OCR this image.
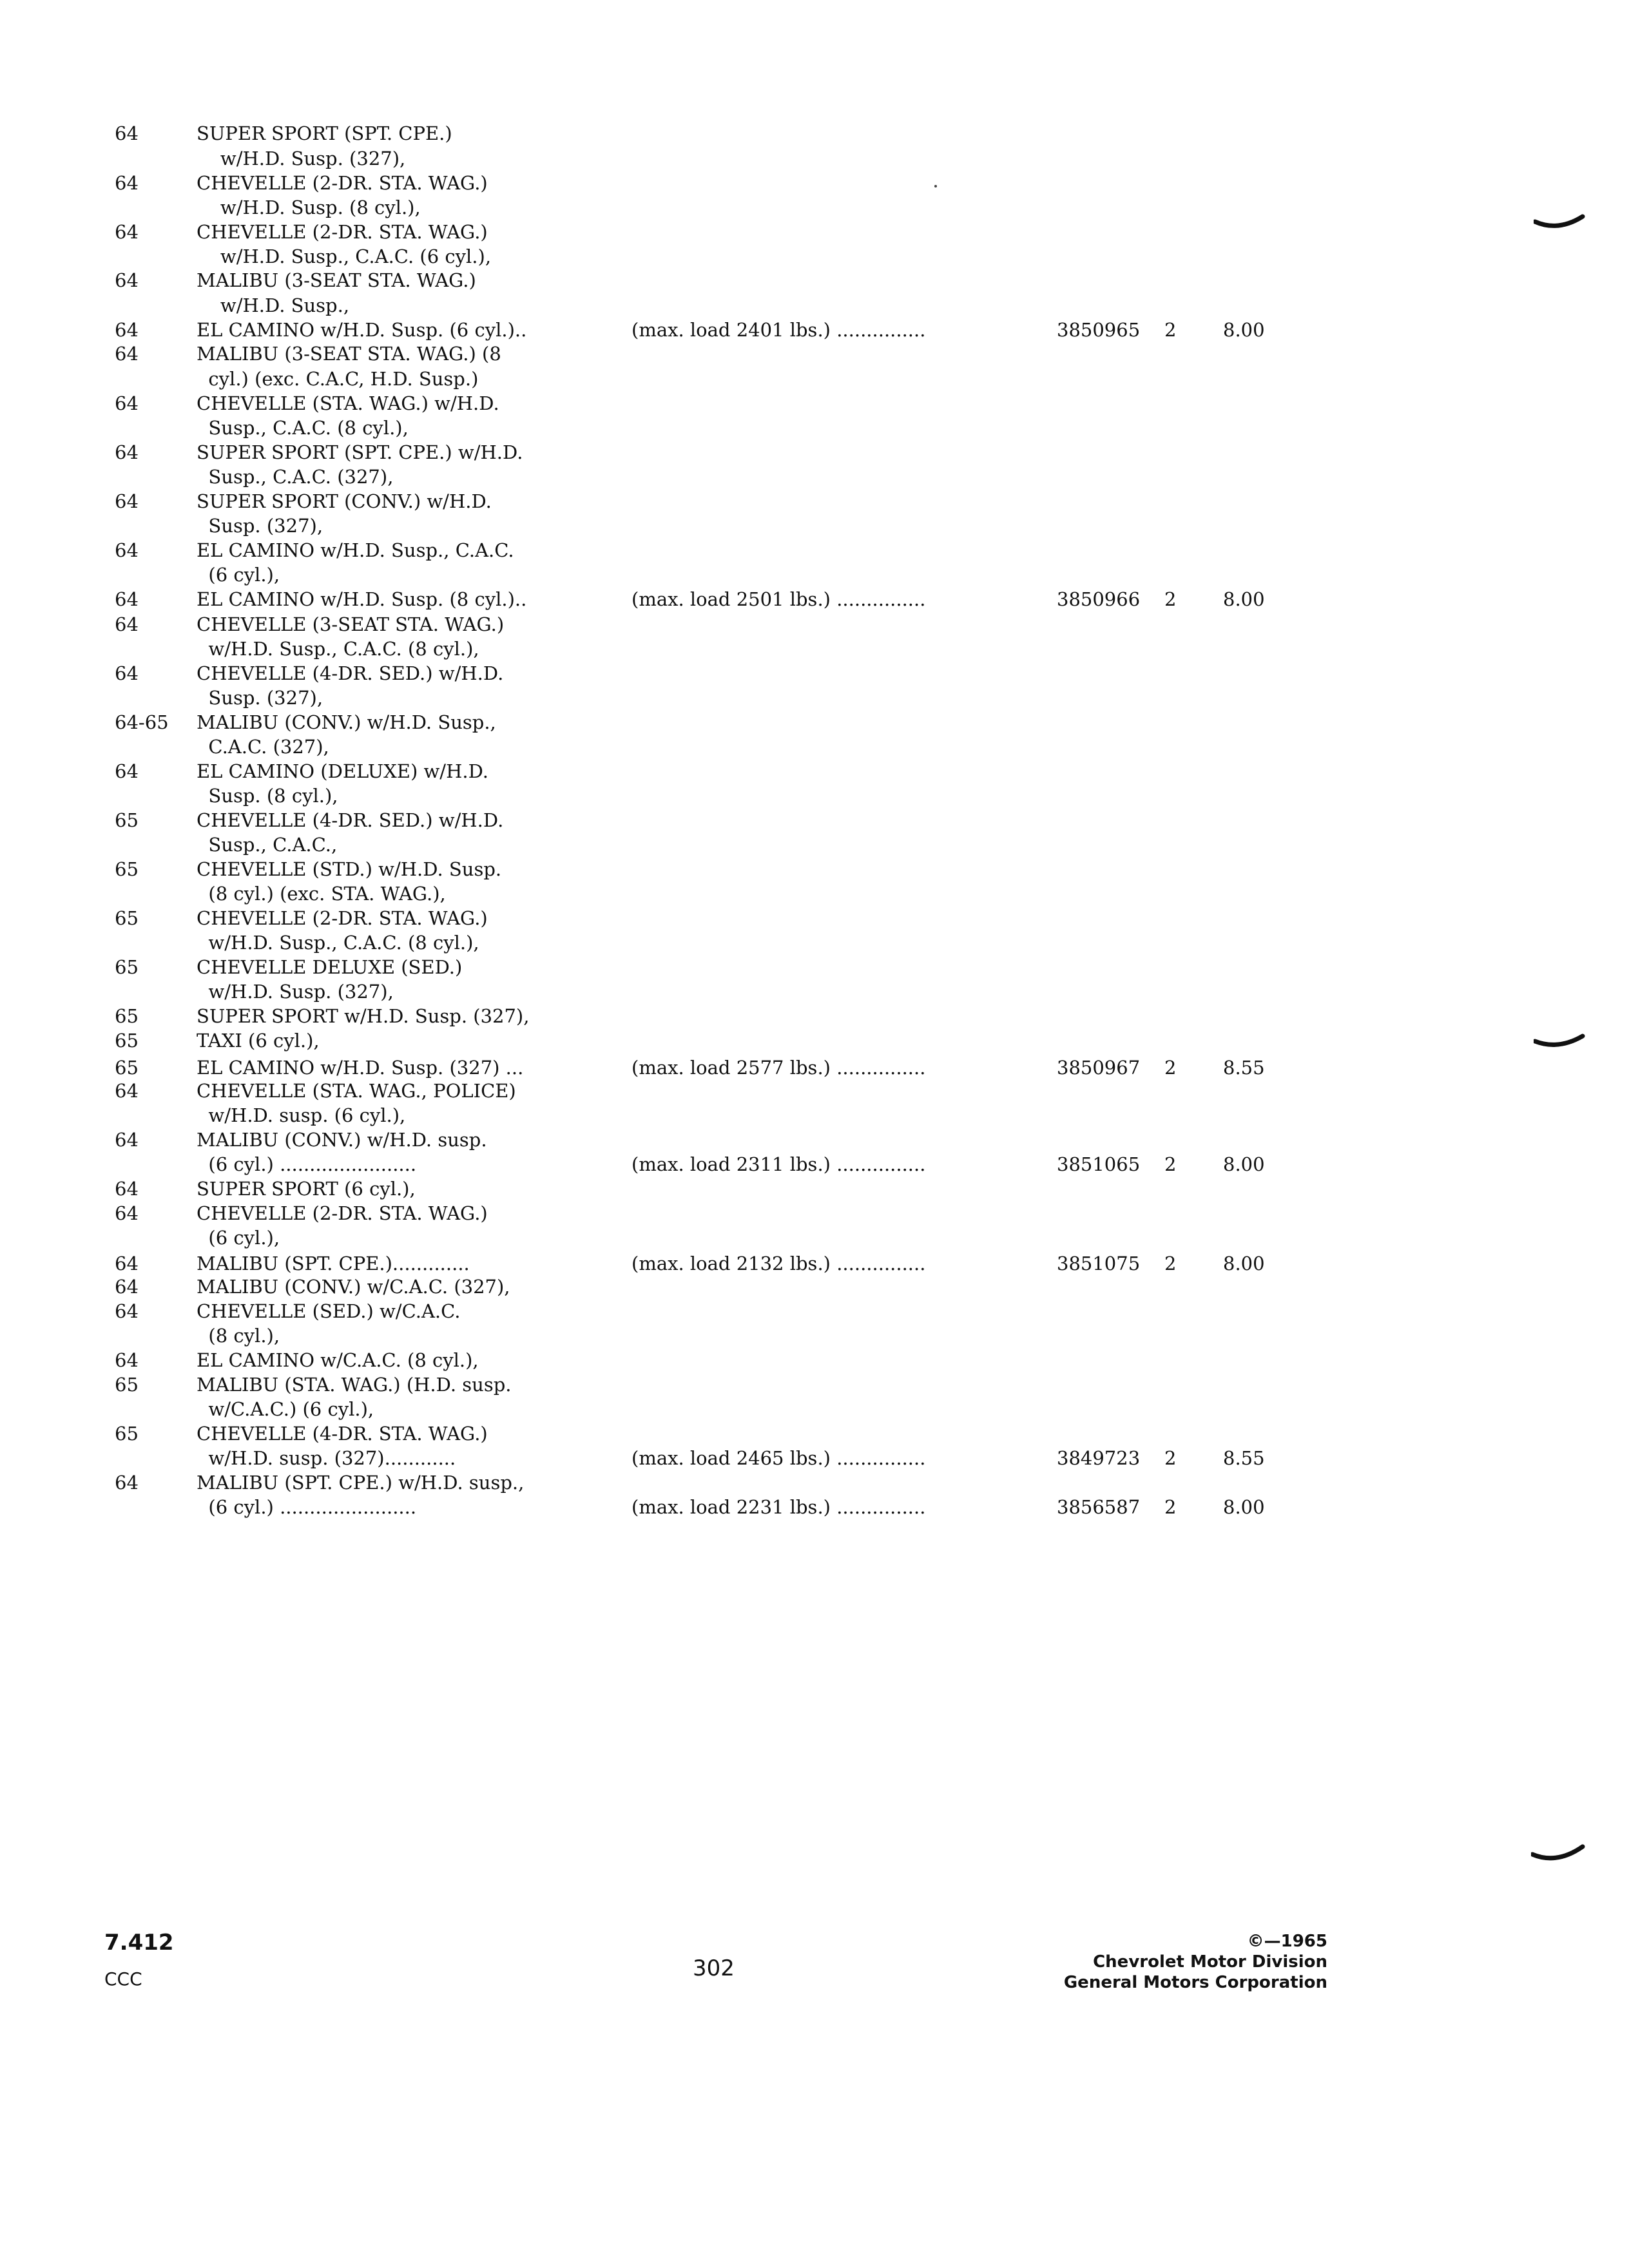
64	SUPER SPORT (SPT. CPE.)
w/H.D. Susp. (327),
64	CHEVELLE (2-DR. STA. WAG.)
w/H.D. Susp. (8 cyl.),
64	CHEVELLE (2-DR. STA. WAG.)
w/H.D. Susp., C.A.C. (6 cyl.),
64	MALIBU (3-SEAT STA. WAG.)
w/H.D. Susp.,
64	EL CAMINO w/H.D. Susp. (6 cyl.)..	(max. load 2401 lbs.) ...............	3850965 2	8.00
64	MALIBU (3-SEAT STA. WAG.) (8
cyl.) (exc. C.A.C, H.D. Susp.)
64	CHEVELLE (STA. WAG.) w/H.D.
Susp., C.A.C. (8 cyl.),
64	SUPER SPORT (SPT. CPE.) w/H.D.
Susp., C.A.C. (327),
64	SUPER SPORT (CONV.) w/H.D.
Susp. (327),
64	EL CAMINO w/H.D. Susp., C.A.C.
(6 cyl.),
64	EL CAMINO w/H.D. Susp. (8 cyl.)..	(max. load 2501 lbs.) ...............	3850966 2	8.00
64	CHEVELLE (3-SEAT STA. WAG.)
w/H.D. Susp., C.A.C. (8 cyl.),
64	CHEVELLE (4-DR. SED.) w/H.D.
Susp. (327),
64-65 MALIBU (CONV.) w/H.D. Susp.,
C.A.C. (327),
64	EL CAMINO (DELUXE) w/H.D.
Susp. (8 cyl.),
65	CHEVELLE (4-DR. SED.) w/H.D.
Susp., C.A.C.,
65	CHEVELLE (STD.) w/H.D. Susp.
(8 cyl.) (exc. STA. WAG.),
65	CHEVELLE (2-DR. STA. WAG.)
w/H.D. Susp., C.A.C. (8 cyl.),
65	CHEVELLE DELUXE (SED.)
w/H.D. Susp. (327),
65	SUPER SPORT w/H.D. Susp. (327),
65	TAXI (6 cyl.),
65	EL CAMINO w/H.D. Susp. (327) ...	(max. load 2577 lbs.) ...............	3850967 2	8.55
64	CHEVELLE (STA. WAG., POLICE)
w/H.D. susp. (6 cyl.),
64	MALIBU (CONV.) w/H.D. susp.
(6 cyl.) .......................	(max. load 2311 lbs.) ...............	3851065 2	8.00
64	SUPER SPORT (6 cyl.),
64	CHEVELLE (2-DR. STA. WAG.)
(6 cyl.),
64	MALIBU (SPT. CPE.).............	(max. load 2132 lbs.) ...............	3851075 2	8.00
64	MALIBU (CONV.) w/C.A.C. (327),
64	CHEVELLE (SED.) w/C.A.C.
(8 cyl.),
64	EL CAMINO w/C.A.C. (8 cyl.),
65	MALIBU (STA. WAG.) (H.D. susp.
w/C.A.C.) (6 cyl.),
65	CHEVELLE (4-DR. STA. WAG.)
w/H.D. susp. (327)............	(max. load 2465 lbs.) ...............	3849723 2	8.55
64	MALIBU (SPT. CPE.) w/H.D. susp.,
(6 cyl.) .......................	(max. load 2231 lbs.) ...............	3856587 2	8.00
7.412
CCC	302
©—1965
Chevrolet Motor Division
General Motors Corporation
